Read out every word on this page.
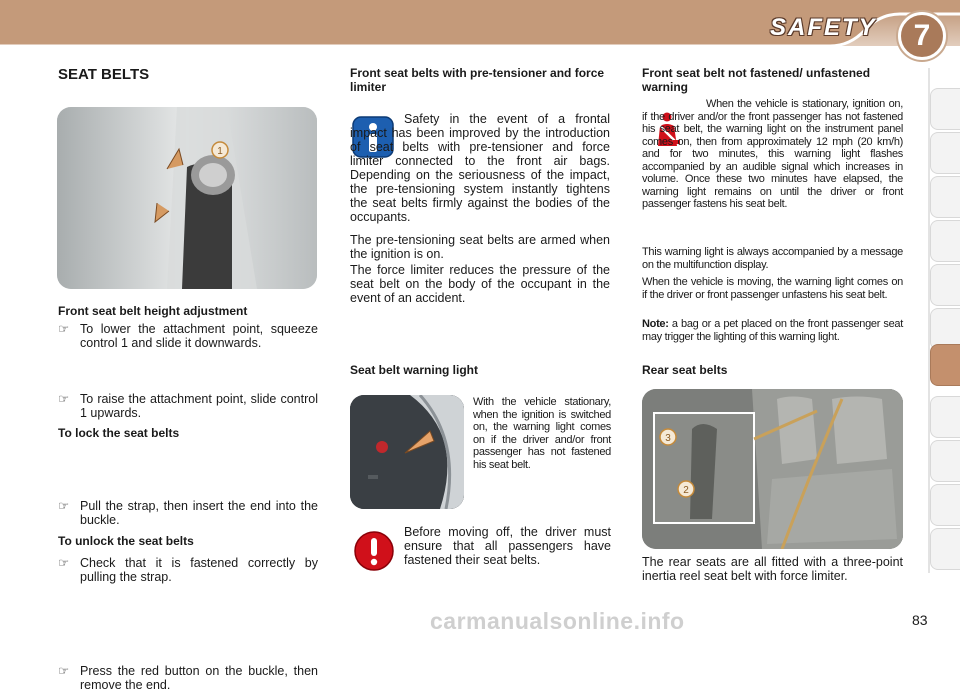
SAFETY	7
SEAT BELTS
1
Front seat belt height adjustment
☞ To lower the attachment point, squeeze control 1 and slide it downwards.
☞ To raise the attachment point, slide control 1 upwards.
To lock the seat belts
☞ Pull the strap, then insert the end into the buckle.
☞ Check that it is fastened correctly by pulling the strap.
To unlock the seat belts
☞ Press the red button on the buckle, then remove the end.
Front seat belts with pre-tensioner and force limiter
Safety in the event of a frontal impact has been improved by the introduction of seat belts with pre-tensioner and force limiter connected to the front air bags. Depending on the seriousness of the impact, the pre-tensioning system instantly tightens the seat belts firmly against the bodies of the occupants.
The pre-tensioning seat belts are armed when the ignition is on.
The force limiter reduces the pressure of the seat belt on the body of the occupant in the event of an accident.
Seat belt warning light
With the vehicle stationary, when the ignition is switched on, the warning light comes on if the driver and/or front passenger has not fastened his seat belt.
Before moving off, the driver must ensure that all passengers have fastened their seat belts.
Front seat belt not fastened/ unfastened warning
When the vehicle is stationary, ignition on, if the driver and/or the front passenger has not fastened his seat belt, the warning light on the instrument panel comes on, then from approximately 12 mph (20 km/h) and for two minutes, this warning light flashes accompanied by an audible signal which increases in volume. Once these two minutes have elapsed, the warning light remains on until the driver or front passenger fastens his seat belt.
This warning light is always accompanied by a message on the multifunction display.
When the vehicle is moving, the warning light comes on if the driver or front passenger unfastens his seat belt.
Note: a bag or a pet placed on the front passenger seat may trigger the lighting of this warning light.
Rear seat belts
3
2
The rear seats are all fitted with a three-point inertia reel seat belt with force limiter.
carmanualsonline.info	83
